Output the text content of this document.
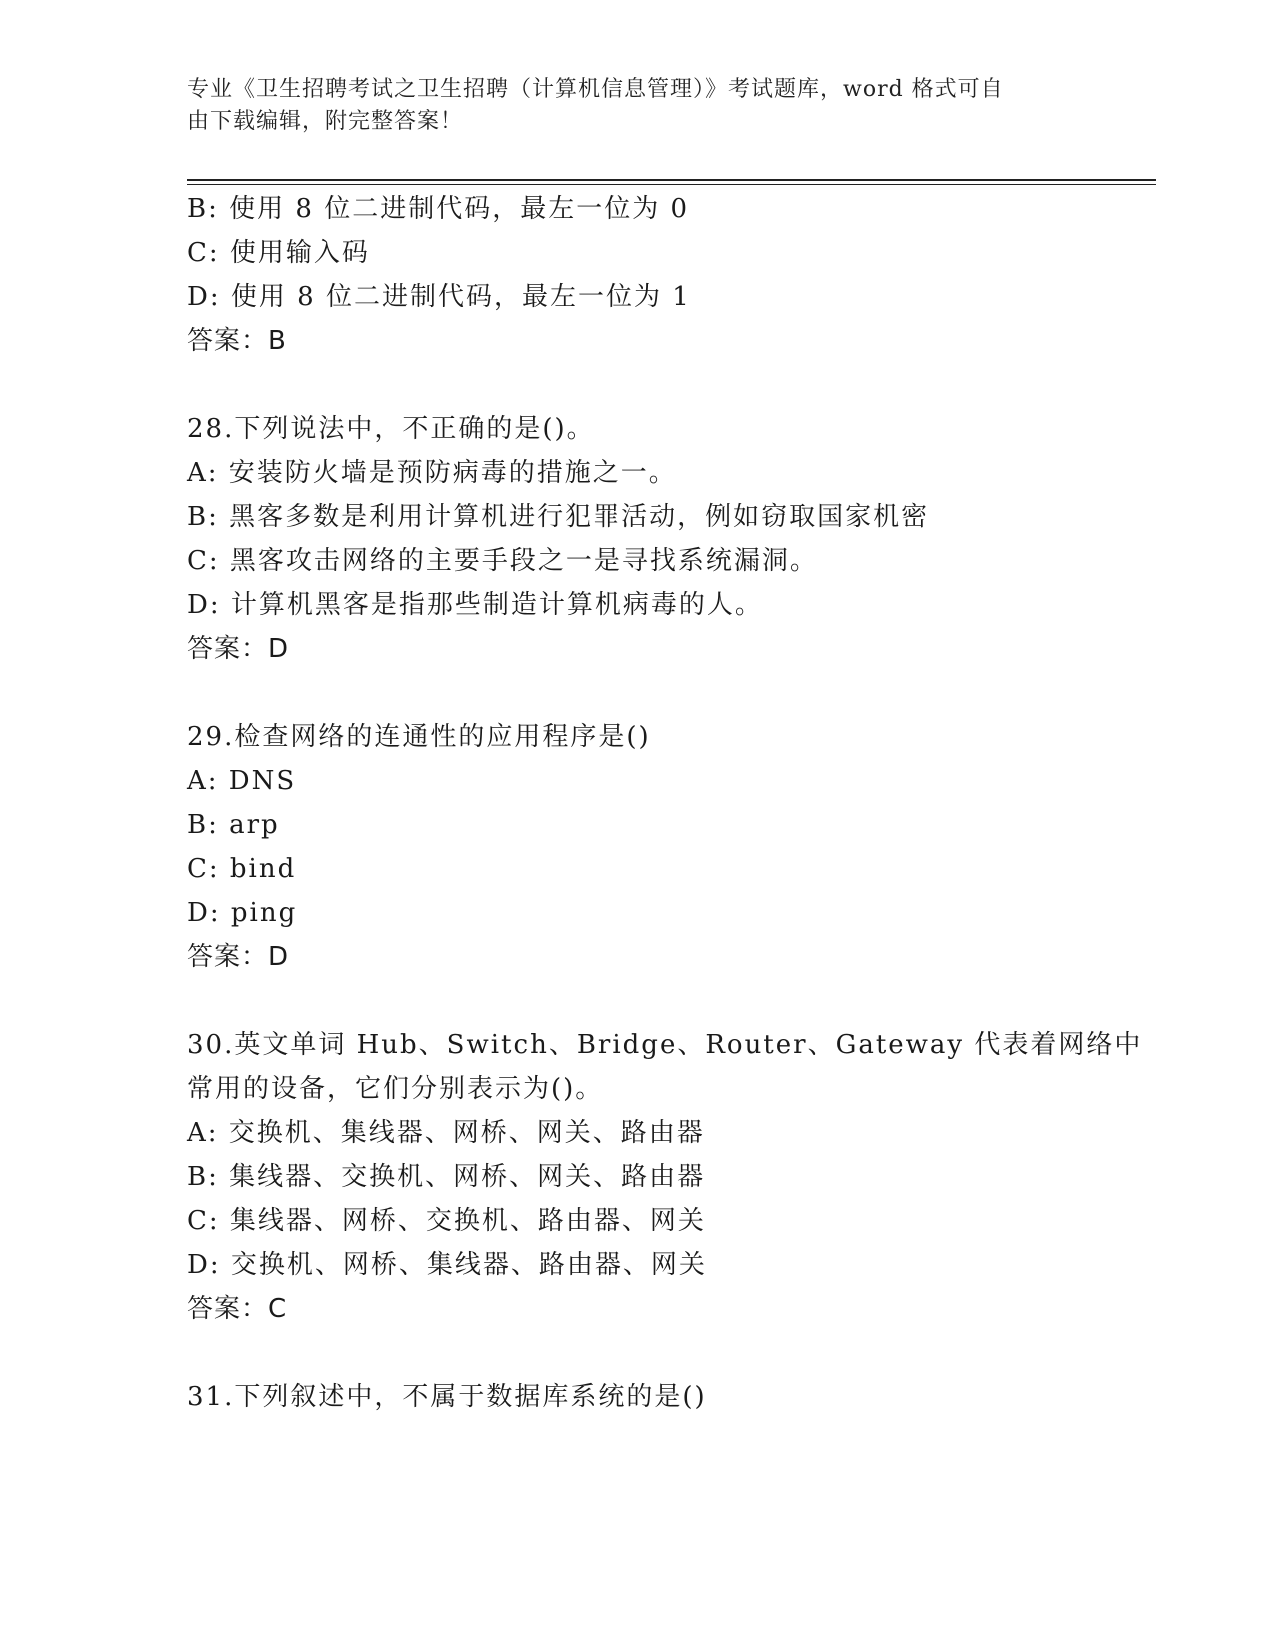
专业《卫生招聘考试之卫生招聘（计算机信息管理）》考试题库，word 格式可自
由下载编辑，附完整答案！
B: 使用 8 位二进制代码，最左一位为 0
C: 使用输入码
D: 使用 8 位二进制代码，最左一位为 1
答案：B
28.下列说法中，不正确的是()。
A: 安装防火墙是预防病毒的措施之一。
B: 黑客多数是利用计算机进行犯罪活动，例如窃取国家机密
C: 黑客攻击网络的主要手段之一是寻找系统漏洞。
D: 计算机黑客是指那些制造计算机病毒的人。
答案：D
29.检查网络的连通性的应用程序是()
A: DNS
B: arp
C: bind
D: ping
答案：D
30.英文单词 Hub、Switch、Bridge、Router、Gateway 代表着网络中
常用的设备，它们分别表示为()。
A: 交换机、集线器、网桥、网关、路由器
B: 集线器、交换机、网桥、网关、路由器
C: 集线器、网桥、交换机、路由器、网关
D: 交换机、网桥、集线器、路由器、网关
答案：C
31.下列叙述中，不属于数据库系统的是()
